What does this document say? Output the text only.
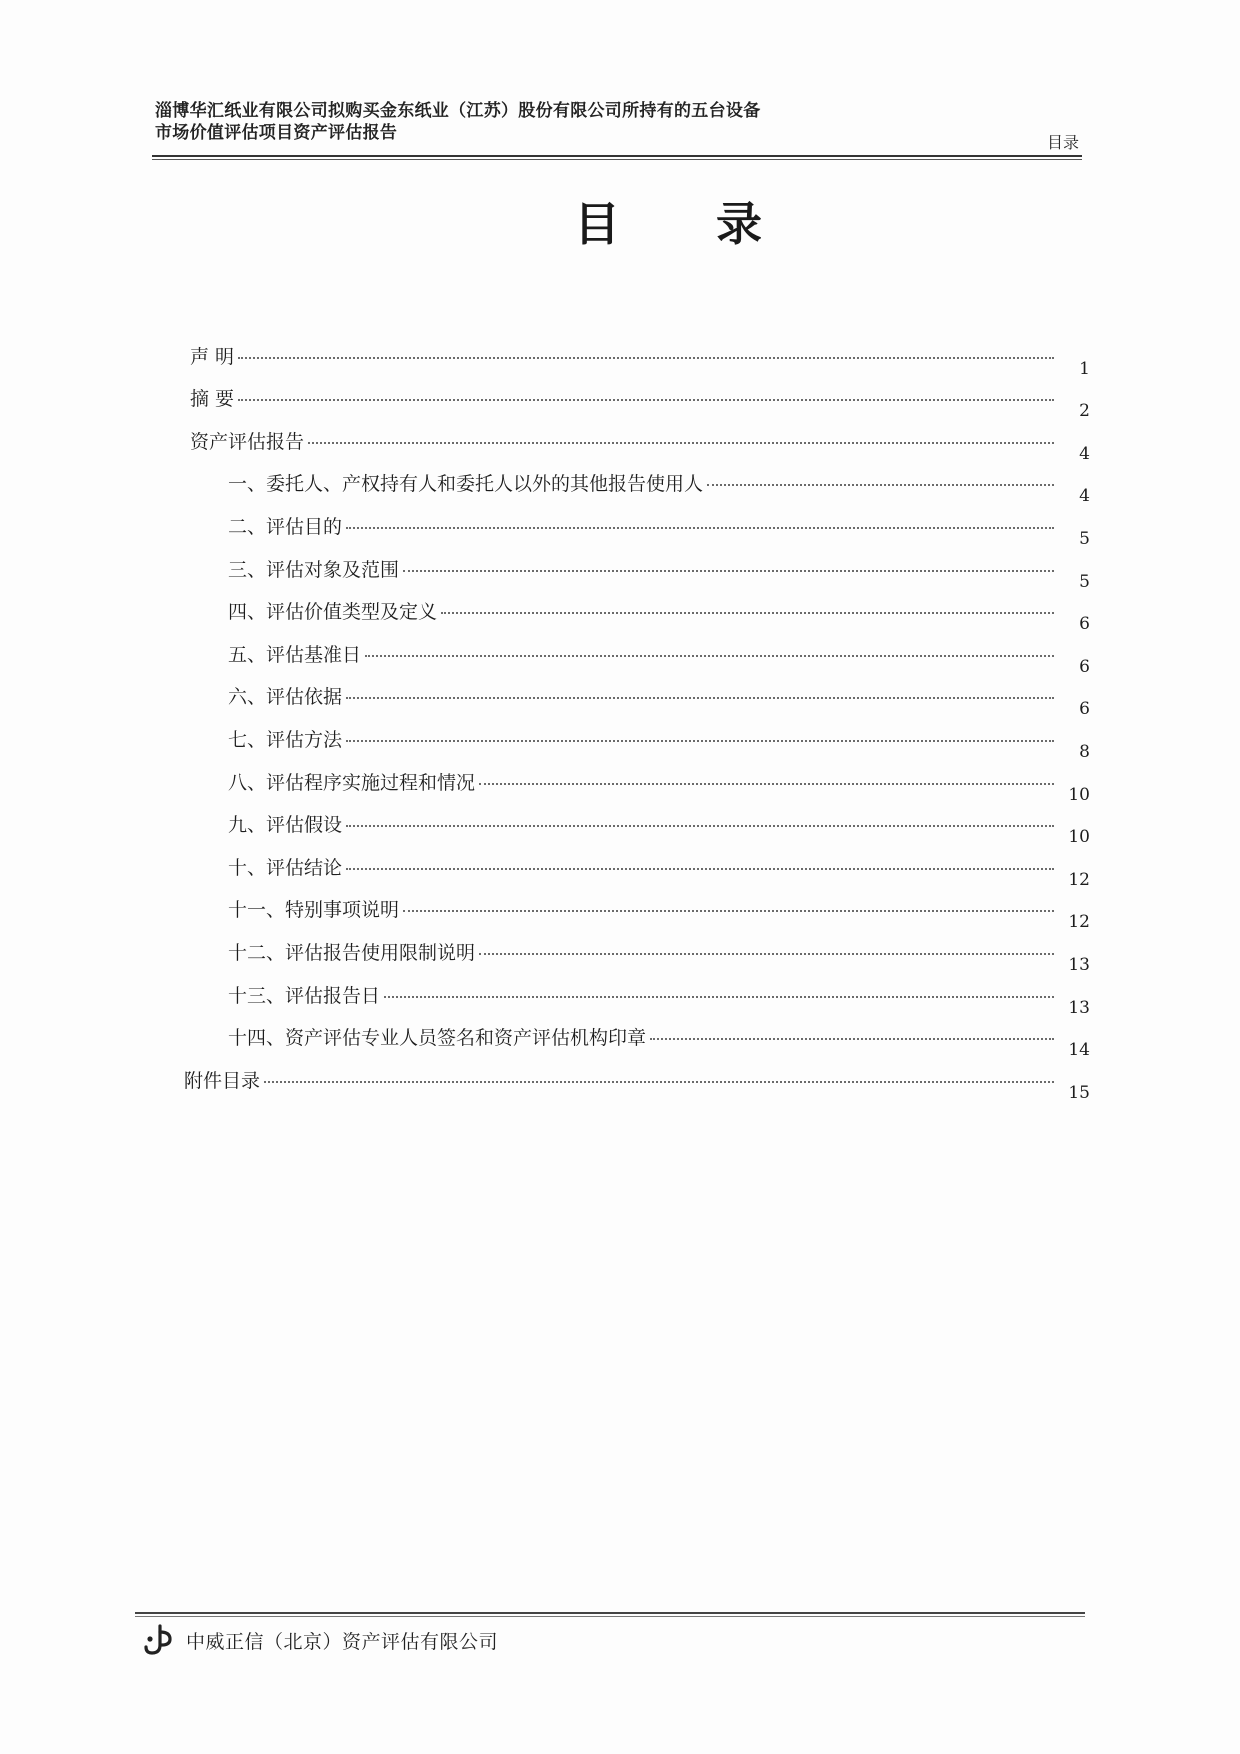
淄博华汇纸业有限公司拟购买金东纸业（江苏）股份有限公司所持有的五台设备
市场价值评估项目资产评估报告	目录
目录
声 明
1
摘 要
2
资产评估报告
4
一、委托人、产权持有人和委托人以外的其他报告使用人
4
二、评估目的
5
三、评估对象及范围
5
四、评估价值类型及定义
6
五、评估基准日
6
六、评估依据
6
七、评估方法
8
八、评估程序实施过程和情况
10
九、评估假设
10
十、评估结论
12
十一、特别事项说明
12
十二、评估报告使用限制说明
13
十三、评估报告日
13
十四、资产评估专业人员签名和资产评估机构印章
14
附件目录
15
中威正信（北京）资产评估有限公司
